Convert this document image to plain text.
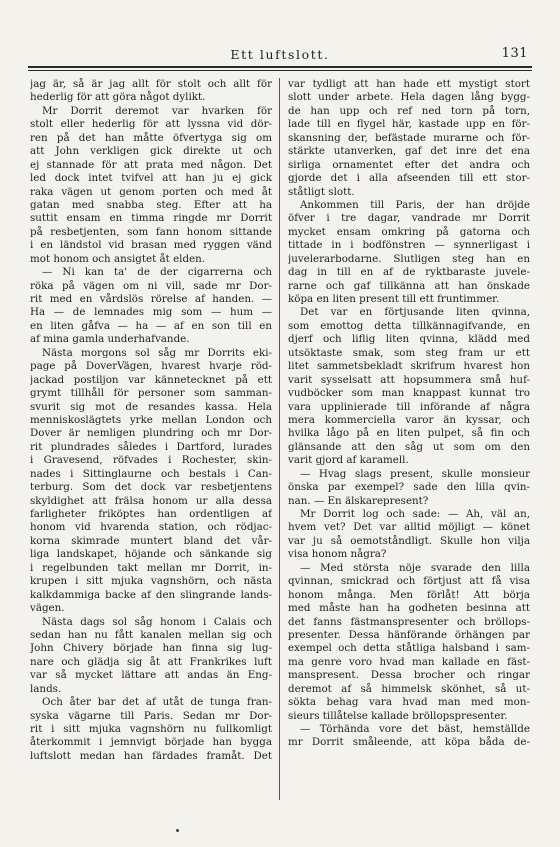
Ett luftslott.	131
jag är, så är jag allt för stolt och allt för
hederlig för att göra något dylikt.
Mr Dorrit deremot var hvarken för
stolt eller hederlig för att lyssna vid dör-
ren på det han måtte öfvertyga sig om
att John verkligen gick direkte ut och
ej stannade för att prata med någon. Det
led dock intet tvifvel att han ju ej gick
raka vägen ut genom porten och med åt
gatan med snabba steg. Efter att ha
suttit ensam en timma ringde mr Dorrit
på resbetjenten, som fann honom sittande
i en ländstol vid brasan med ryggen vänd
mot honom och ansigtet åt elden.
— Ni kan ta' de der cigarrerna och
röka på vägen om ni vill, sade mr Dor-
rit med en vårdslös rörelse af handen. —
Ha — de lemnades mig som — hum —
en liten gåfva — ha — af en son till en
af mina gamla underhafvande.
Nästa morgons sol såg mr Dorrits eki-
page på DoverVägen, hvarest hvarje röd-
jackad postiljon var kännetecknet på ett
grymt tillhåll för personer som samman-
svurit sig mot de resandes kassa. Hela
menniskoslägtets yrke mellan London och
Dover är nemligen plundring och mr Dor-
rit plundrades således i Dartford, lurades
i Gravesend, röfvades i Rochester, skin-
nades i Sittinglaurne och bestals i Can-
terburg. Som det dock var resbetjentens
skyldighet att frälsa honom ur alla dessa
farligheter friköptes han ordentligen af
honom vid hvarenda station, och rödjac-
korna skimrade muntert bland det vår-
liga landskapet, höjande och sänkande sig
i regelbunden takt mellan mr Dorrit, in-
krupen i sitt mjuka vagnshörn, och nästa
kalkdammiga backe af den slingrande lands-
vägen.
Nästa dags sol såg honom i Calais och
sedan han nu fått kanalen mellan sig och
John Chivery började han finna sig lug-
nare och glädja sig åt att Frankrikes luft
var så mycket lättare att andas än Eng-
lands.
Och åter bar det af utåt de tunga fran-
syska vägarne till Paris. Sedan mr Dor-
rit i sitt mjuka vagnshörn nu fullkomligt
återkommit i jemnvigt började han bygga
luftslott medan han färdades framåt. Det
var tydligt att han hade ett mystigt stort
slott under arbete. Hela dagen lång bygg-
de han upp och ref ned torn på torn,
lade till en flygel här, kastade upp en för-
skansning der, befästade murarne och för-
stärkte utanverken, gaf det inre det ena
sirliga ornamentet efter det andra och
gjorde det i alla afseenden till ett stor-
ståtligt slott.
Ankommen till Paris, der han dröjde
öfver i tre dagar, vandrade mr Dorrit
mycket ensam omkring på gatorna och
tittade in i bodfönstren — synnerligast i
juvelerarbodarne. Slutligen steg han en
dag in till en af de ryktbaraste juvele-
rarne och gaf tillkänna att han önskade
köpa en liten present till ett fruntimmer.
Det var en förtjusande liten qvinna,
som emottog detta tillkännagifvande, en
djerf och liflig liten qvinna, klädd med
utsöktaste smak, som steg fram ur ett
litet sammetsbekladt skrifrum hvarest hon
varit sysselsatt att hopsummera små huf-
vudböcker som man knappast kunnat tro
vara upplinierade till införande af några
mera kommerciella varor än kyssar, och
hvilka lågo på en liten pulpet, så fin och
glänsande att den såg ut som om den
varit gjord af karamell.
— Hvag slags present, skulle monsieur
önska par exempel? sade den lilla qvin-
nan. — En älskarepresent?
Mr Dorrit log och sade: — Ah, väl an,
hvem vet? Det var alltid möjligt — könet
var ju så oemotståndligt. Skulle hon vilja
visa honom några?
— Med största nöje svarade den lilla
qvinnan, smickrad och förtjust att få visa
honom många. Men förlåt! Att börja
med måste han ha godheten besinna att
det fanns fästmanspresenter och bröllops-
presenter. Dessa hänförande örhängen par
exempel och detta ståtliga halsband i sam-
ma genre voro hvad man kallade en fäst-
manspresent. Dessa brocher och ringar
deremot af så himmelsk skönhet, så ut-
sökta behag vara hvad man med mon-
sieurs tillåtelse kallade bröllopspresenter.
— Törhända vore det bäst, hemställde
mr Dorrit småleende, att köpa båda de-
